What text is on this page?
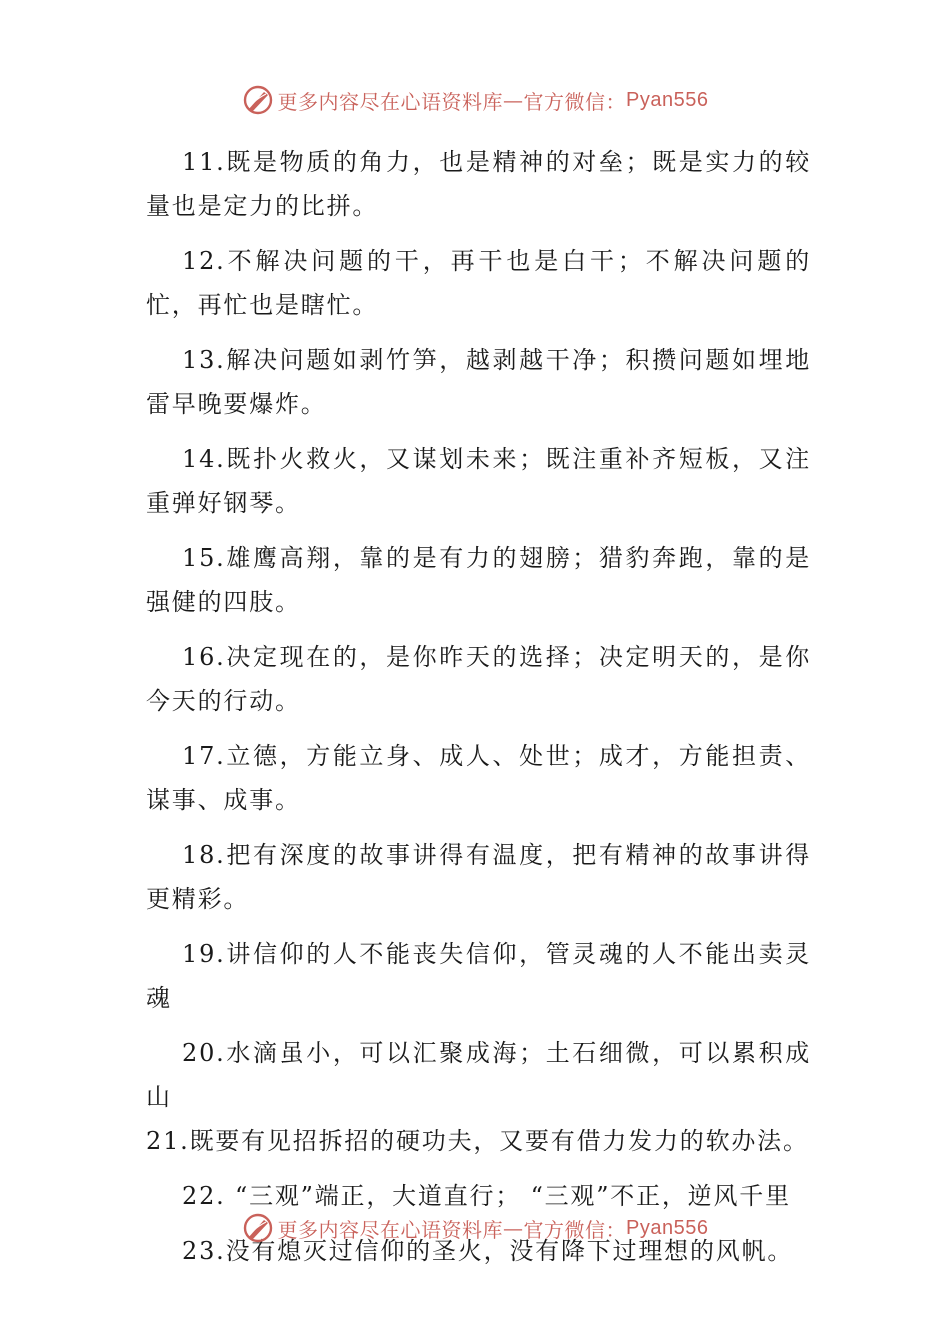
更多内容尽在心语资料库 — 官方微信： Pyan556

11.既是物质的角力，也是精神的对垒；既是实力的较量也是定力的比拼。

12.不解决问题的干，再干也是白干；不解决问题的忙，再忙也是瞎忙。

13.解决问题如剥竹笋，越剥越干净；积攒问题如埋地雷早晚要爆炸。

14.既扑火救火，又谋划未来；既注重补齐短板，又注重弹好钢琴。

15.雄鹰高翔，靠的是有力的翅膀；猎豹奔跑，靠的是强健的四肢。

16.决定现在的，是你昨天的选择；决定明天的，是你今天的行动。

17.立德，方能立身、成人、处世；成才，方能担责、谋事、成事。

18.把有深度的故事讲得有温度，把有精神的故事讲得更精彩。

19.讲信仰的人不能丧失信仰，管灵魂的人不能出卖灵魂

20.水滴虽小，可以汇聚成海；土石细微，可以累积成山

21.既要有见招拆招的硬功夫，又要有借力发力的软办法。

22. “三观”端正，大道直行； “三观”不正，逆风千里

23.没有熄灭过信仰的圣火，没有降下过理想的风帆。

更多内容尽在心语资料库 — 官方微信： Pyan556
